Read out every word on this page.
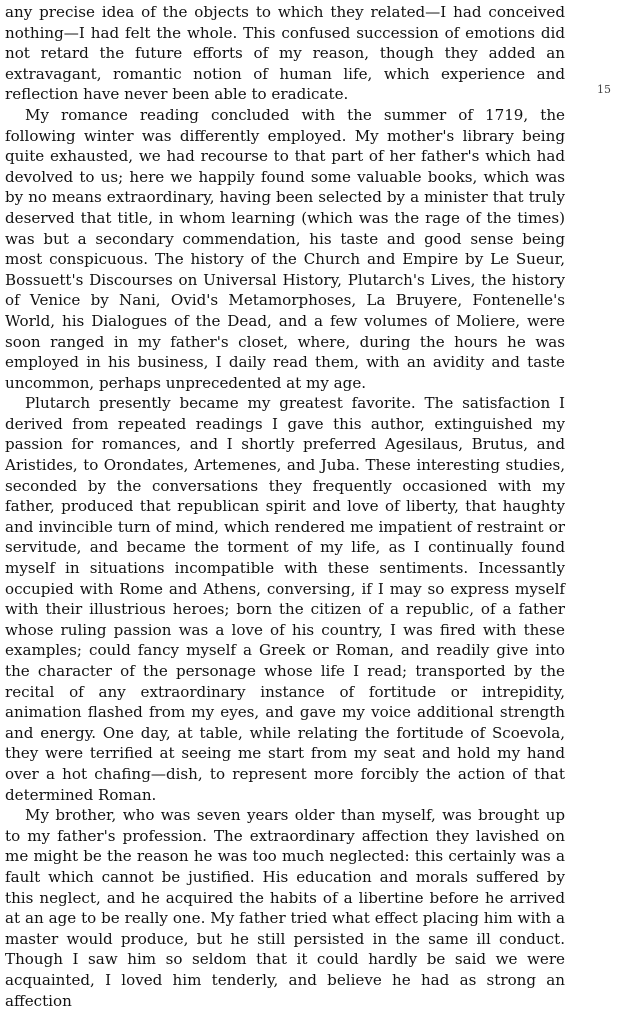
any precise idea of the objects to which they related—I had conceived nothing—I had felt the whole. This confused succession of emotions did not retard the future efforts of my reason, though they added an extravagant, romantic notion of human life, which experience and reflection have never been able to eradicate.

My romance reading concluded with the summer of 1719, the following winter was differently employed. My mother's library being quite exhausted, we had recourse to that part of her father's which had devolved to us; here we happily found some valuable books, which was by no means extraordinary, having been selected by a minister that truly deserved that title, in whom learning (which was the rage of the times) was but a secondary commendation, his taste and good sense being most conspicuous. The history of the Church and Empire by Le Sueur, Bossuett's Discourses on Universal History, Plutarch's Lives, the history of Venice by Nani, Ovid's Metamorphoses, La Bruyere, Fontenelle's World, his Dialogues of the Dead, and a few volumes of Moliere, were soon ranged in my father's closet, where, during the hours he was employed in his business, I daily read them, with an avidity and taste uncommon, perhaps unprecedented at my age.

Plutarch presently became my greatest favorite. The satisfaction I derived from repeated readings I gave this author, extinguished my passion for romances, and I shortly preferred Agesilaus, Brutus, and Aristides, to Orondates, Artemenes, and Juba. These interesting studies, seconded by the conversations they frequently occasioned with my father, produced that republican spirit and love of liberty, that haughty and invincible turn of mind, which rendered me impatient of restraint or servitude, and became the torment of my life, as I continually found myself in situations incompatible with these sentiments. Incessantly occupied with Rome and Athens, conversing, if I may so express myself with their illustrious heroes; born the citizen of a republic, of a father whose ruling passion was a love of his country, I was fired with these examples; could fancy myself a Greek or Roman, and readily give into the character of the personage whose life I read; transported by the recital of any extraordinary instance of fortitude or intrepidity, animation flashed from my eyes, and gave my voice additional strength and energy. One day, at table, while relating the fortitude of Scoevola, they were terrified at seeing me start from my seat and hold my hand over a hot chafing—dish, to represent more forcibly the action of that determined Roman.

My brother, who was seven years older than myself, was brought up to my father's profession. The extraordinary affection they lavished on me might be the reason he was too much neglected: this certainly was a fault which cannot be justified. His education and morals suffered by this neglect, and he acquired the habits of a libertine before he arrived at an age to be really one. My father tried what effect placing him with a master would produce, but he still persisted in the same ill conduct. Though I saw him so seldom that it could hardly be said we were acquainted, I loved him tenderly, and believe he had as strong an affection

15
